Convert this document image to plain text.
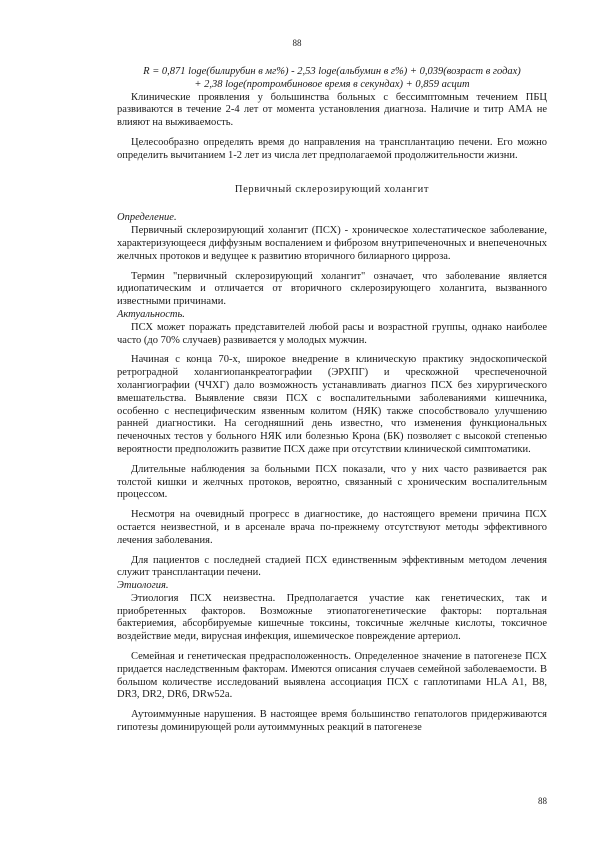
88
R = 0,871 loge(билирубин в мг%) - 2,53 loge(альбумин в г%) + 0,039(возраст в годах)
+ 2,38 loge(протромбиновое время в секундах) + 0,859 асцит

Клинические проявления у большинства больных с бессимптомным течением ПБЦ развиваются в течение 2-4 лет от момента установления диагноза. Наличие и титр АМА не влияют на выживаемость.

Целесообразно определять время до направления на трансплантацию печени. Его можно определить вычитанием 1-2 лет из числа лет предполагаемой продолжительности жизни.

Первичный склерозирующий холангит

Определение.

Первичный склерозирующий холангит (ПСХ) - хроническое холестатическое заболевание, характеризующееся диффузным воспалением и фиброзом внутрипеченочных и внепеченочных желчных протоков и ведущее к развитию вторичного билиарного цирроза.

Термин "первичный склерозирующий холангит" означает, что заболевание является идиопатическим и отличается от вторичного склерозирующего холангита, вызванного известными причинами.

Актуальность.

ПСХ может поражать представителей любой расы и возрастной группы, однако наиболее часто (до 70% случаев) развивается у молодых мужчин.

Начиная с конца 70-х, широкое внедрение в клиническую практику эндоскопической ретроградной холангиопанкреатографии (ЭРХПГ) и чрескожной чреспеченочной холангиографии (ЧЧХГ) дало возможность устанавливать диагноз ПСХ без хирургического вмешательства. Выявление связи ПСХ с воспалительными заболеваниями кишечника, особенно с неспецифическим язвенным колитом (НЯК) также способствовало улучшению ранней диагностики. На сегодняшний день известно, что изменения функциональных печеночных тестов у больного НЯК или болезнью Крона (БК) позволяет с высокой степенью вероятности предположить развитие ПСХ даже при отсутствии клинической симптоматики.

Длительные наблюдения за больными ПСХ показали, что у них часто развивается рак толстой кишки и желчных протоков, вероятно, связанный с хроническим воспалительным процессом.

Несмотря на очевидный прогресс в диагностике, до настоящего времени причина ПСХ остается неизвестной, и в арсенале врача по-прежнему отсутствуют методы эффективного лечения заболевания.

Для пациентов с последней стадией ПСХ единственным эффективным методом лечения служит трансплантации печени.

Этиология.

Этиология ПСХ неизвестна. Предполагается участие как генетических, так и приобретенных факторов. Возможные этиопатогенетические факторы: портальная бактериемия, абсорбируемые кишечные токсины, токсичные желчные кислоты, токсичное воздействие меди, вирусная инфекция, ишемическое повреждение артериол.

Семейная и генетическая предрасположенность. Определенное значение в патогенезе ПСХ придается наследственным факторам. Имеются описания случаев семейной заболеваемости. В большом количестве исследований выявлена ассоциация ПСХ с гаплотипами HLA A1, B8, DR3, DR2, DR6, DRw52a.

Аутоиммунные нарушения. В настоящее время большинство гепатологов придерживаются гипотезы доминирующей роли аутоиммунных реакций в патогенезе

88
